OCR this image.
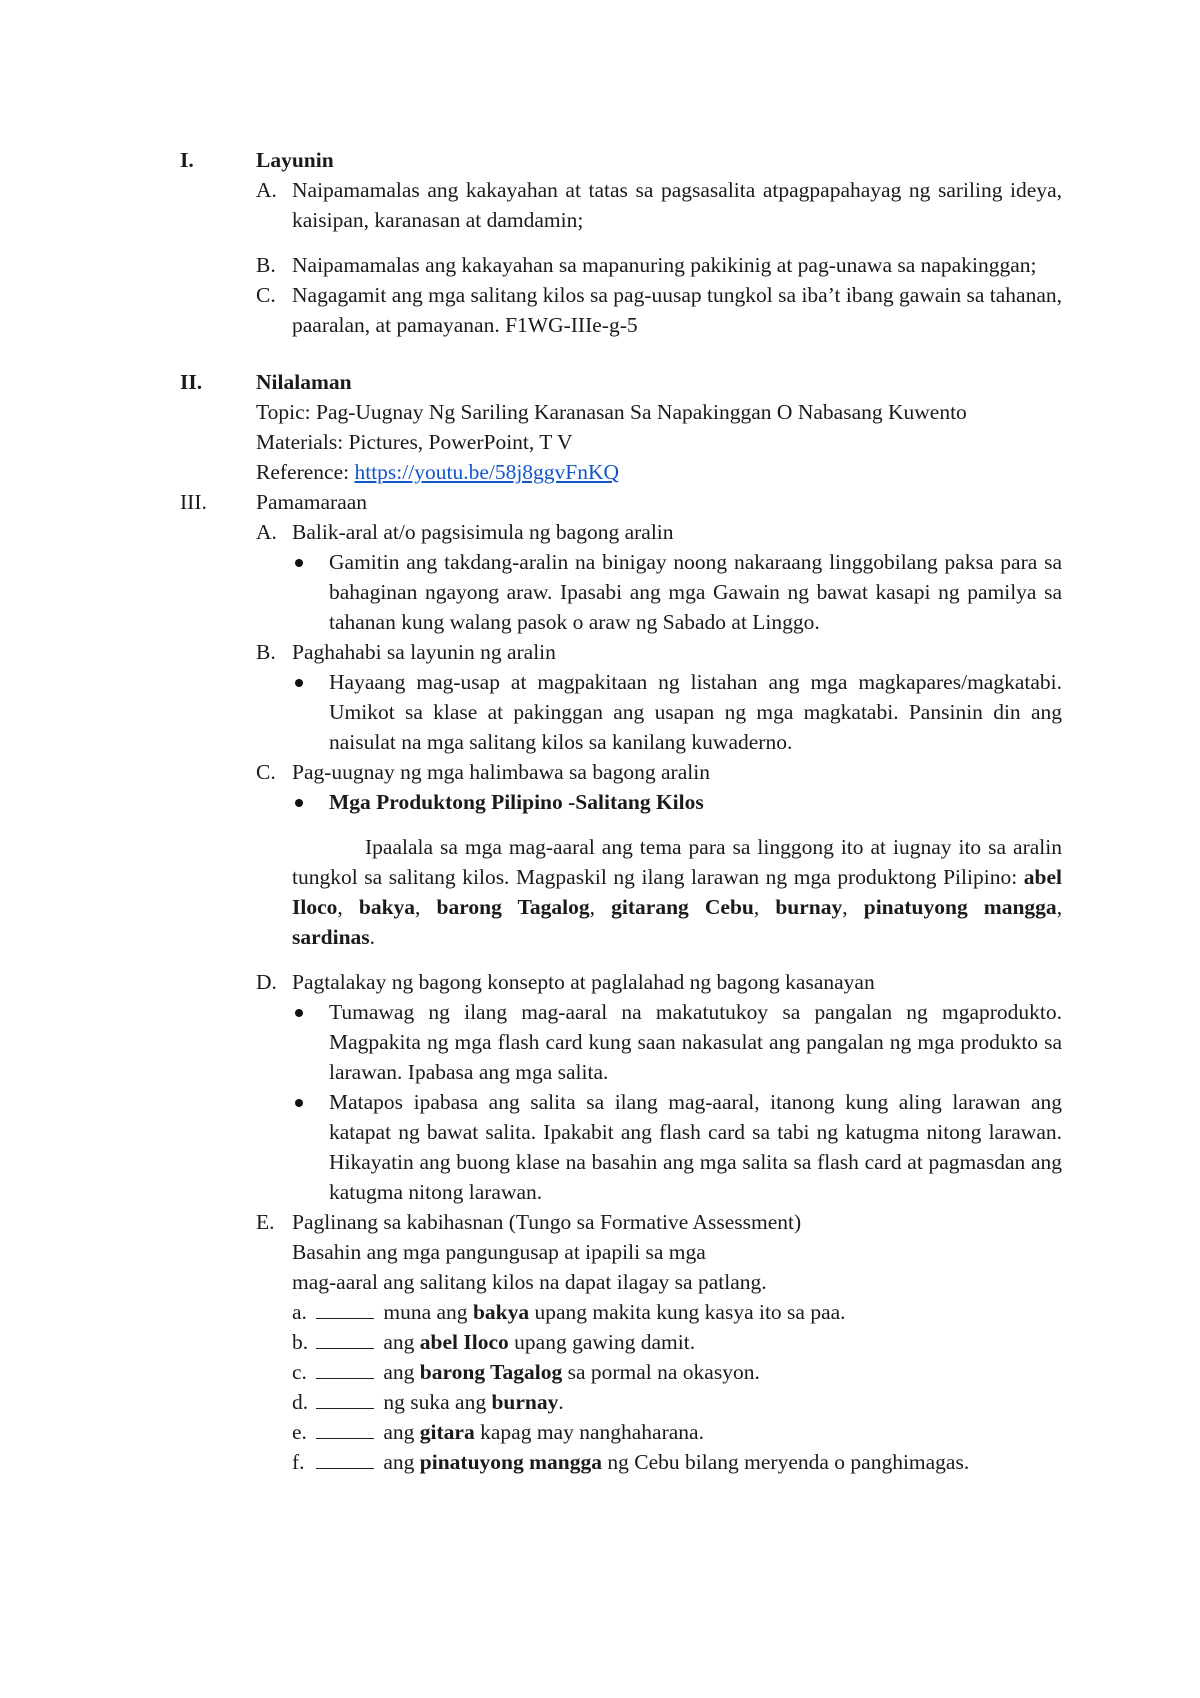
I.	Layunin
A. Naipamamalas ang kakayahan at tatas sa pagsasalita atpagpapahayag ng sariling ideya, kaisipan, karanasan at damdamin;
B. Naipamamalas ang kakayahan sa mapanuring pakikinig at pag-unawa sa napakinggan;
C. Nagagamit ang mga salitang kilos sa pag-uusap tungkol sa iba’t ibang gawain sa tahanan, paaralan, at pamayanan. F1WG-IIIe-g-5
II.	Nilalaman
Topic: Pag-Uugnay Ng Sariling Karanasan Sa Napakinggan O Nabasang Kuwento
Materials: Pictures, PowerPoint, T V
Reference: https://youtu.be/58j8ggvFnKQ
III. Pamamaraan
A. Balik-aral at/o pagsisimula ng bagong aralin
Gamitin ang takdang-aralin na binigay noong nakaraang linggobilang paksa para sa bahaginan ngayong araw. Ipasabi ang mga Gawain ng bawat kasapi ng pamilya sa tahanan kung walang pasok o araw ng Sabado at Linggo.
B. Paghahabi sa layunin ng aralin
Hayaang mag-usap at magpakitaan ng listahan ang mga magkapares/magkatabi. Umikot sa klase at pakinggan ang usapan ng mga magkatabi. Pansinin din ang naisulat na mga salitang kilos sa kanilang kuwaderno.
C. Pag-uugnay ng mga halimbawa sa bagong aralin
Mga Produktong Pilipino -Salitang Kilos
Ipaalala sa mga mag-aaral ang tema para sa linggong ito at iugnay ito sa aralin tungkol sa salitang kilos. Magpaskil ng ilang larawan ng mga produktong Pilipino: abel Iloco, bakya, barong Tagalog, gitarang Cebu, burnay, pinatuyong mangga, sardinas.
D. Pagtalakay ng bagong konsepto at paglalahad ng bagong kasanayan
Tumawag ng ilang mag-aaral na makatutukoy sa pangalan ng mgaprodukto. Magpakita ng mga flash card kung saan nakasulat ang pangalan ng mga produkto sa larawan. Ipabasa ang mga salita.
Matapos ipabasa ang salita sa ilang mag-aaral, itanong kung aling larawan ang katapat ng bawat salita. Ipakabit ang flash card sa tabi ng katugma nitong larawan. Hikayatin ang buong klase na basahin ang mga salita sa flash card at pagmasdan ang katugma nitong larawan.
E. Paglinang sa kabihasnan (Tungo sa Formative Assessment)
Basahin ang mga pangungusap at ipapili sa mga
mag-aaral ang salitang kilos na dapat ilagay sa patlang.
a.	muna ang bakya upang makita kung kasya ito sa paa.
b.	ang abel Iloco upang gawing damit.
c.	ang barong Tagalog sa pormal na okasyon.
d.	ng suka ang burnay.
e.	ang gitara kapag may nanghaharana.
f.	ang pinatuyong mangga ng Cebu bilang meryenda o panghimagas.
